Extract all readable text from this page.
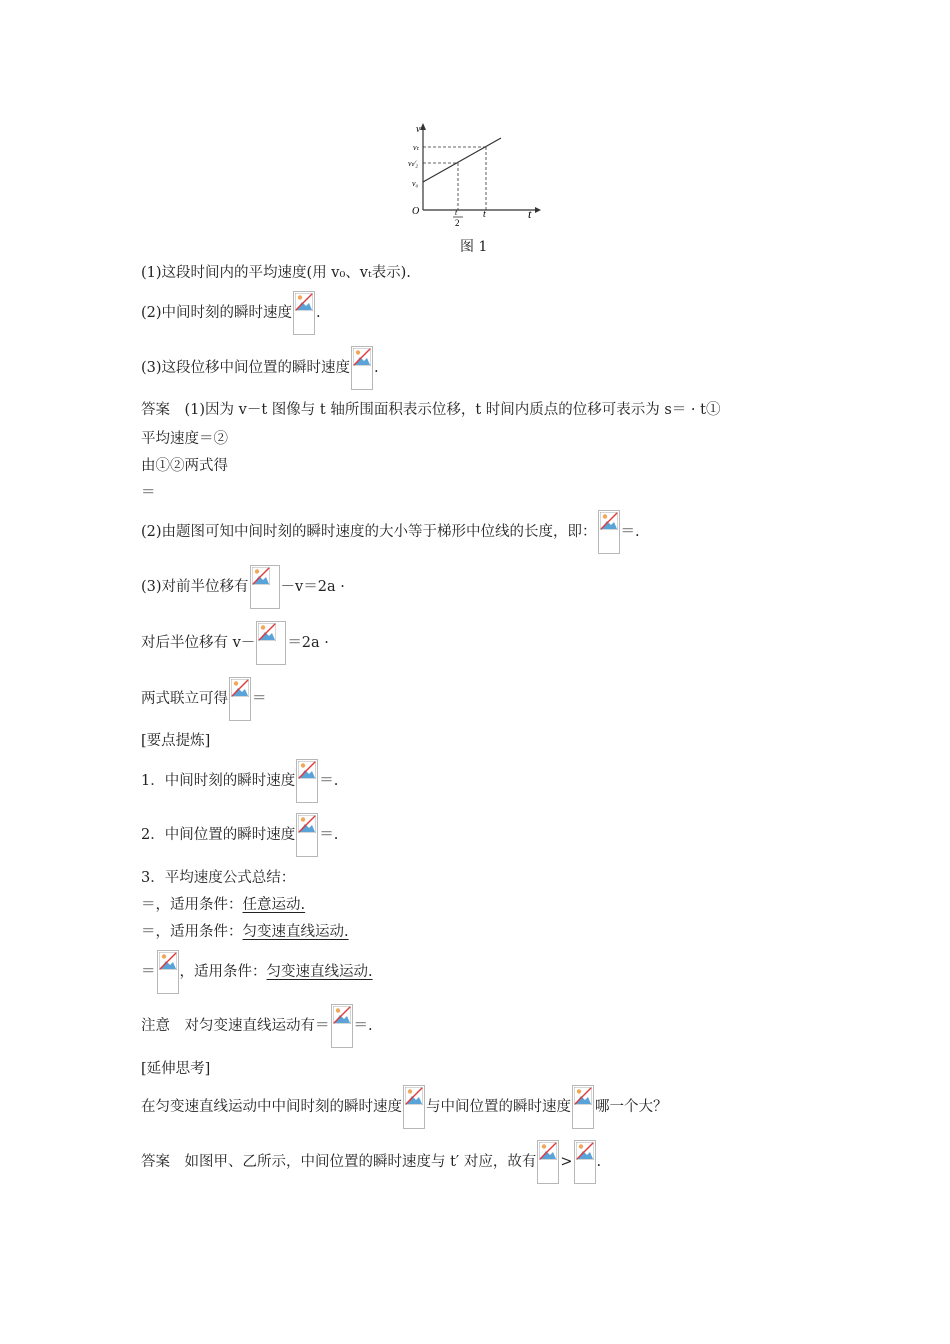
v
t
O
vₜ
vₜ⁄₂
v₀
t
2
t
图 1
(1)这段时间内的平均速度(用 v₀、vₜ表示).
(2)中间时刻的瞬时速度 .
(3)这段位移中间位置的瞬时速度 .
答案　(1)因为 v－t 图像与 t 轴所围面积表示位移，t 时间内质点的位移可表示为 s＝ · t①
平均速度＝②
由①②两式得
＝
(2)由题图可知中间时刻的瞬时速度的大小等于梯形中位线的长度，即： ＝.
(3)对前半位移有 －v＝2a ·
对后半位移有 v－ ＝2a ·
两式联立可得 ＝
[要点提炼]
1．中间时刻的瞬时速度 ＝.
2．中间位置的瞬时速度 ＝.
3．平均速度公式总结：
＝，适用条件：任意运动.
＝，适用条件：匀变速直线运动.
＝ ，适用条件：匀变速直线运动.
注意　对匀变速直线运动有＝ ＝.
[延伸思考]
在匀变速直线运动中中间时刻的瞬时速度 与中间位置的瞬时速度 哪一个大？
答案　如图甲、乙所示，中间位置的瞬时速度与 t′ 对应，故有 > .
